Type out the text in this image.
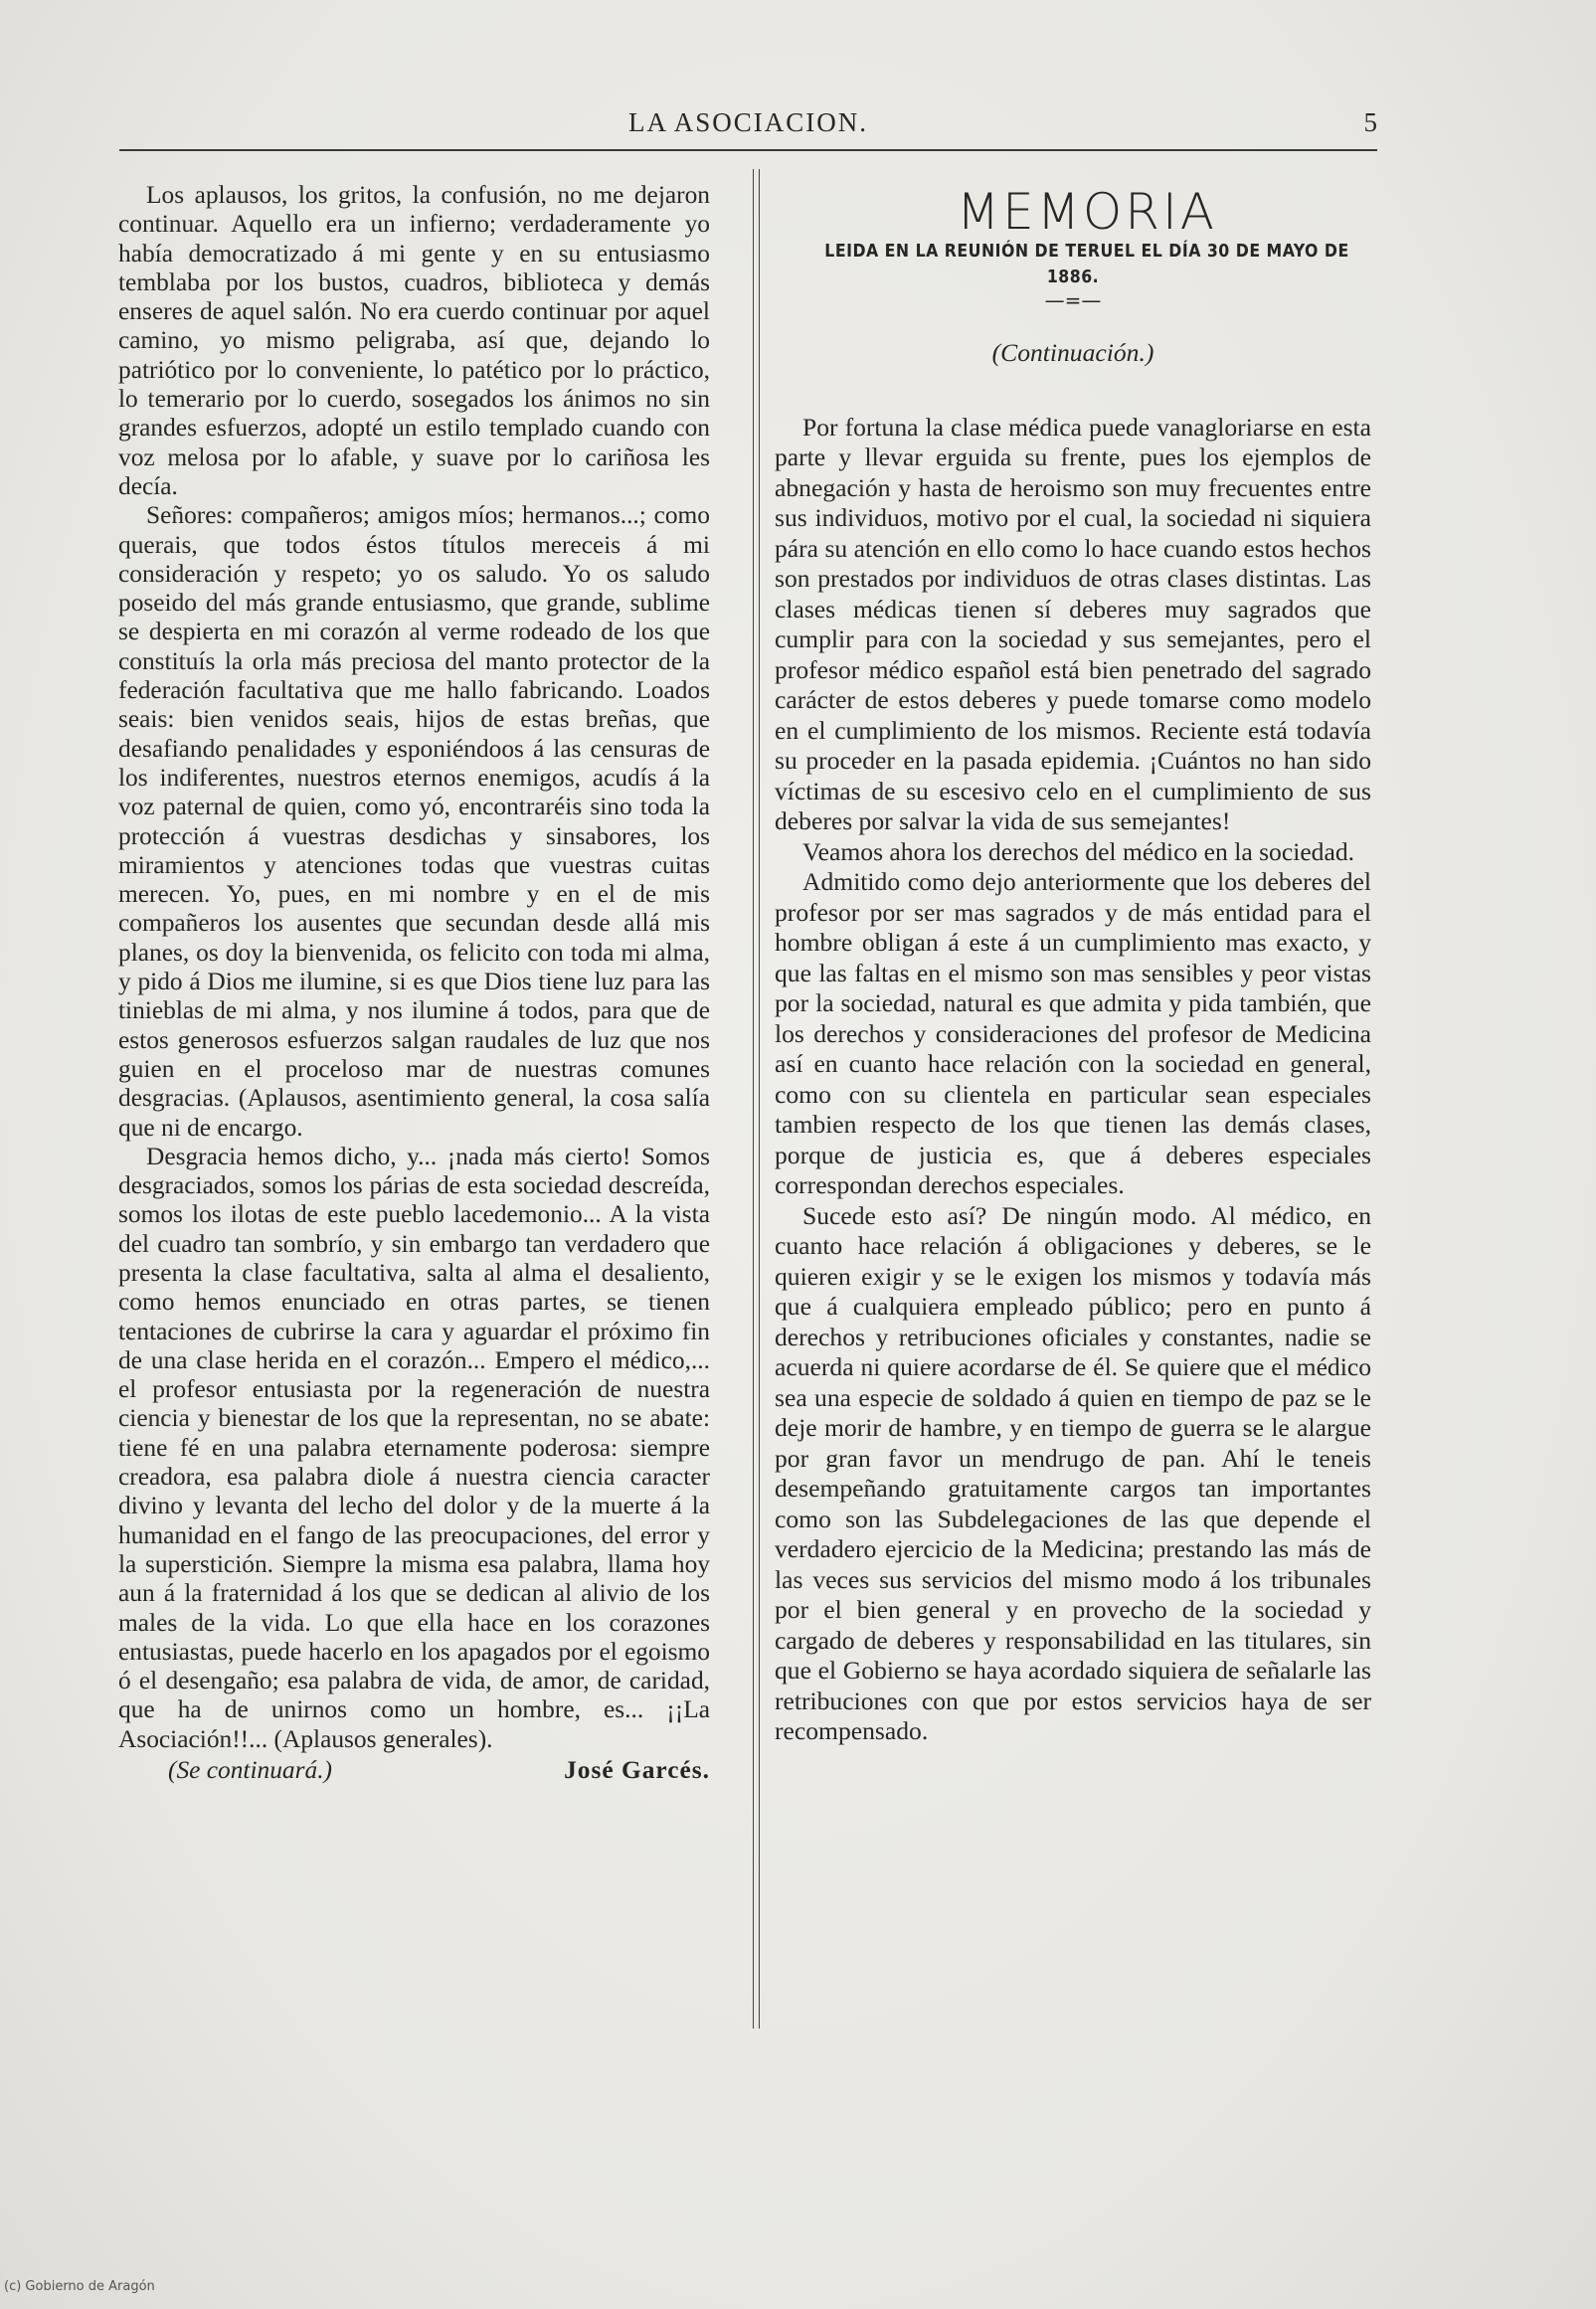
LA ASOCIACION.	5

Los aplausos, los gritos, la confusión, no me dejaron continuar. Aquello era un infierno; verdaderamente yo había democratizado á mi gente y en su entusiasmo temblaba por los bustos, cuadros, biblioteca y demás enseres de aquel salón. No era cuerdo continuar por aquel camino, yo mismo peligraba, así que, dejando lo patriótico por lo conveniente, lo patético por lo práctico, lo temerario por lo cuerdo, sosegados los ánimos no sin grandes esfuerzos, adopté un estilo templado cuando con voz melosa por lo afable, y suave por lo cariñosa les decía.

Señores: compañeros; amigos míos; hermanos...; como querais, que todos éstos títulos mereceis á mi consideración y respeto; yo os saludo. Yo os saludo poseido del más grande entusiasmo, que grande, sublime se despierta en mi corazón al verme rodeado de los que constituís la orla más preciosa del manto protector de la federación facultativa que me hallo fabricando. Loados seais: bien venidos seais, hijos de estas breñas, que desafiando penalidades y esponiéndoos á las censuras de los indiferentes, nuestros eternos enemigos, acudís á la voz paternal de quien, como yó, encontraréis sino toda la protección á vuestras desdichas y sinsabores, los miramientos y atenciones todas que vuestras cuitas merecen. Yo, pues, en mi nombre y en el de mis compañeros los ausentes que secundan desde allá mis planes, os doy la bienvenida, os felicito con toda mi alma, y pido á Dios me ilumine, si es que Dios tiene luz para las tinieblas de mi alma, y nos ilumine á todos, para que de estos generosos esfuerzos salgan raudales de luz que nos guien en el proceloso mar de nuestras comunes desgracias. (Aplausos, asentimiento general, la cosa salía que ni de encargo.

Desgracia hemos dicho, y... ¡nada más cierto! Somos desgraciados, somos los párias de esta sociedad descreída, somos los ilotas de este pueblo lacedemonio... A la vista del cuadro tan sombrío, y sin embargo tan verdadero que presenta la clase facultativa, salta al alma el desaliento, como hemos enunciado en otras partes, se tienen tentaciones de cubrirse la cara y aguardar el próximo fin de una clase herida en el corazón... Empero el médico,... el profesor entusiasta por la regeneración de nuestra ciencia y bienestar de los que la representan, no se abate: tiene fé en una palabra eternamente poderosa: siempre creadora, esa palabra diole á nuestra ciencia caracter divino y levanta del lecho del dolor y de la muerte á la humanidad en el fango de las preocupaciones, del error y la superstición. Siempre la misma esa palabra, llama hoy aun á la fraternidad á los que se dedican al alivio de los males de la vida. Lo que ella hace en los corazones entusiastas, puede hacerlo en los apagados por el egoismo ó el desengaño; esa palabra de vida, de amor, de caridad, que ha de unirnos como un hombre, es... ¡¡La Asociación!!... (Aplausos generales).

(Se continuará.)	José Garcés.

MEMORIA

LEIDA EN LA REUNIÓN DE TERUEL EL DÍA 30 DE MAYO DE 1886.

—=—

(Continuación.)

Por fortuna la clase médica puede vanagloriarse en esta parte y llevar erguida su frente, pues los ejemplos de abnegación y hasta de heroismo son muy frecuentes entre sus individuos, motivo por el cual, la sociedad ni siquiera pára su atención en ello como lo hace cuando estos hechos son prestados por individuos de otras clases distintas. Las clases médicas tienen sí deberes muy sagrados que cumplir para con la sociedad y sus semejantes, pero el profesor médico español está bien penetrado del sagrado carácter de estos deberes y puede tomarse como modelo en el cumplimiento de los mismos. Reciente está todavía su proceder en la pasada epidemia. ¡Cuántos no han sido víctimas de su escesivo celo en el cumplimiento de sus deberes por salvar la vida de sus semejantes!

Veamos ahora los derechos del médico en la sociedad.

Admitido como dejo anteriormente que los deberes del profesor por ser mas sagrados y de más entidad para el hombre obligan á este á un cumplimiento mas exacto, y que las faltas en el mismo son mas sensibles y peor vistas por la sociedad, natural es que admita y pida también, que los derechos y consideraciones del profesor de Medicina así en cuanto hace relación con la sociedad en general, como con su clientela en particular sean especiales tambien respecto de los que tienen las demás clases, porque de justicia es, que á deberes especiales correspondan derechos especiales.

Sucede esto así? De ningún modo. Al médico, en cuanto hace relación á obligaciones y deberes, se le quieren exigir y se le exigen los mismos y todavía más que á cualquiera empleado público; pero en punto á derechos y retribuciones oficiales y constantes, nadie se acuerda ni quiere acordarse de él. Se quiere que el médico sea una especie de soldado á quien en tiempo de paz se le deje morir de hambre, y en tiempo de guerra se le alargue por gran favor un mendrugo de pan. Ahí le teneis desempeñando gratuitamente cargos tan importantes como son las Subdelegaciones de las que depende el verdadero ejercicio de la Medicina; prestando las más de las veces sus servicios del mismo modo á los tribunales por el bien general y en provecho de la sociedad y cargado de deberes y responsabilidad en las titulares, sin que el Gobierno se haya acordado siquiera de señalarle las retribuciones con que por estos servicios haya de ser recompensado.

(c) Gobierno de Aragón
